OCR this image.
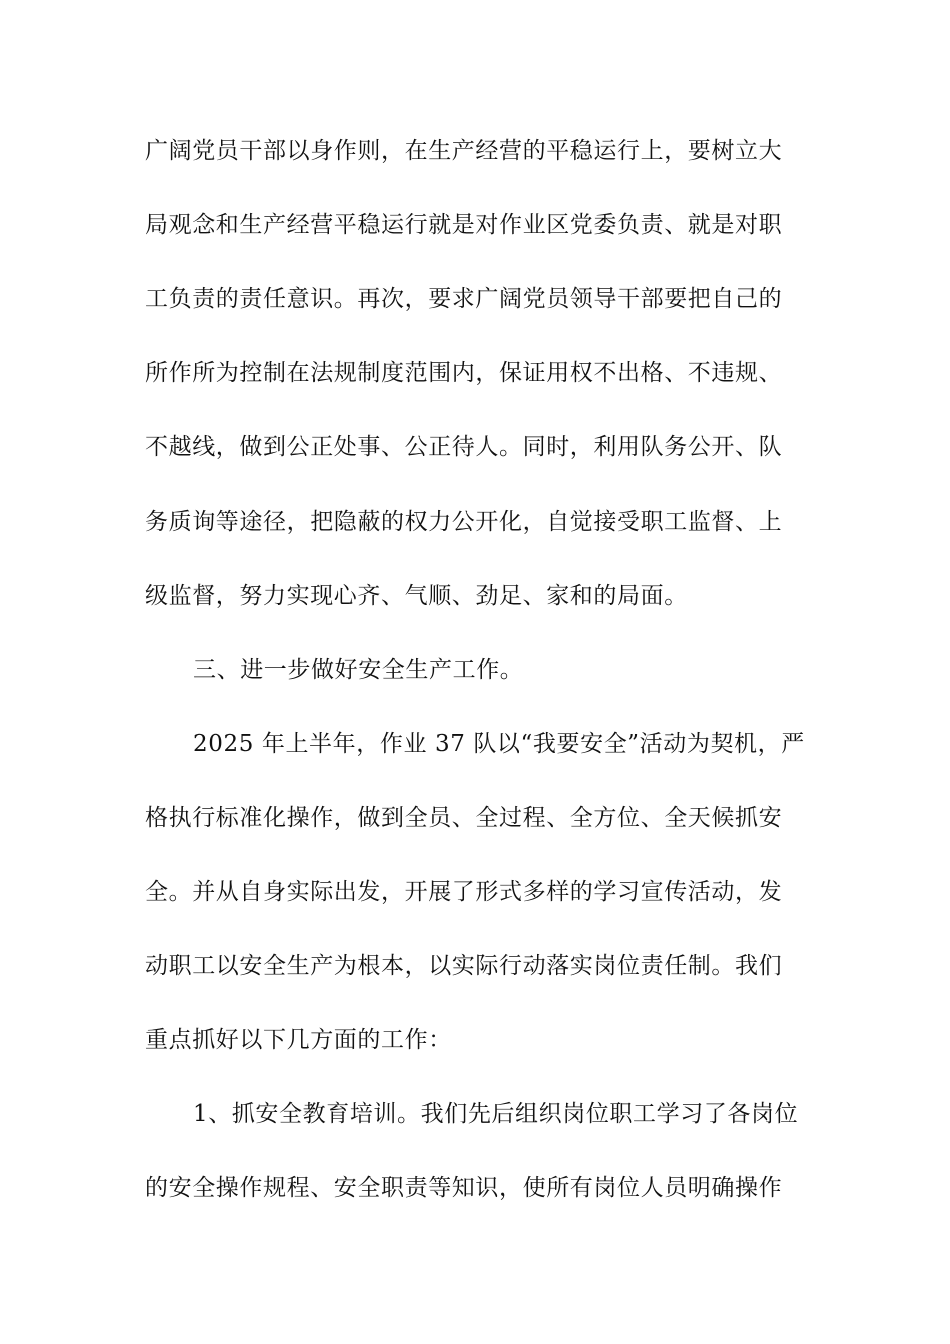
广阔党员干部以身作则，在生产经营的平稳运行上，要树立大
局观念和生产经营平稳运行就是对作业区党委负责、就是对职
工负责的责任意识。再次，要求广阔党员领导干部要把自己的
所作所为控制在法规制度范围内，保证用权不出格、不违规、
不越线，做到公正处事、公正待人。同时，利用队务公开、队
务质询等途径，把隐蔽的权力公开化，自觉接受职工监督、上
级监督，努力实现心齐、气顺、劲足、家和的局面。
三、进一步做好安全生产工作。
2025 年上半年，作业 37 队以“我要安全”活动为契机，严
格执行标准化操作，做到全员、全过程、全方位、全天候抓安
全。并从自身实际出发，开展了形式多样的学习宣传活动，发
动职工以安全生产为根本，以实际行动落实岗位责任制。我们
重点抓好以下几方面的工作：
1、抓安全教育培训。我们先后组织岗位职工学习了各岗位
的安全操作规程、安全职责等知识，使所有岗位人员明确操作
